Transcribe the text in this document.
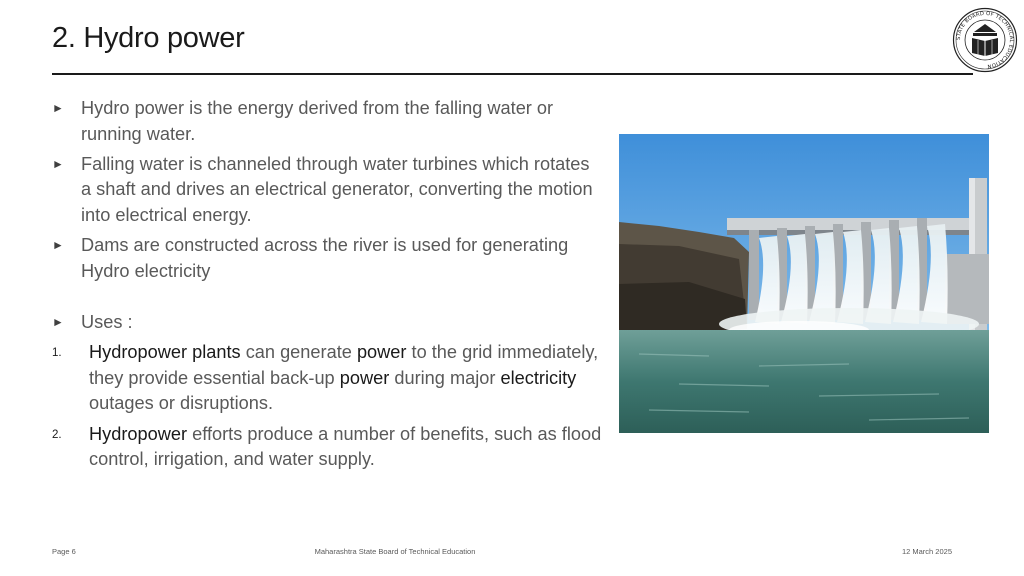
2. Hydro power	STATE BOARD OF TECHNICAL EDUCATION
► Hydro power is the energy derived from the falling water or running water.
► Falling water is channeled through water turbines which rotates a shaft and drives an electrical generator, converting the motion into electrical energy.
► Dams are constructed across the river is used for generating Hydro electricity
► Uses :
1. Hydropower plants can generate power to the grid immediately, they provide essential back-up power during major electricity outages or disruptions.
2. Hydropower efforts produce a number of benefits, such as flood control, irrigation, and water supply.
Page 6	Maharashtra State Board of Technical Education	12 March 2025
